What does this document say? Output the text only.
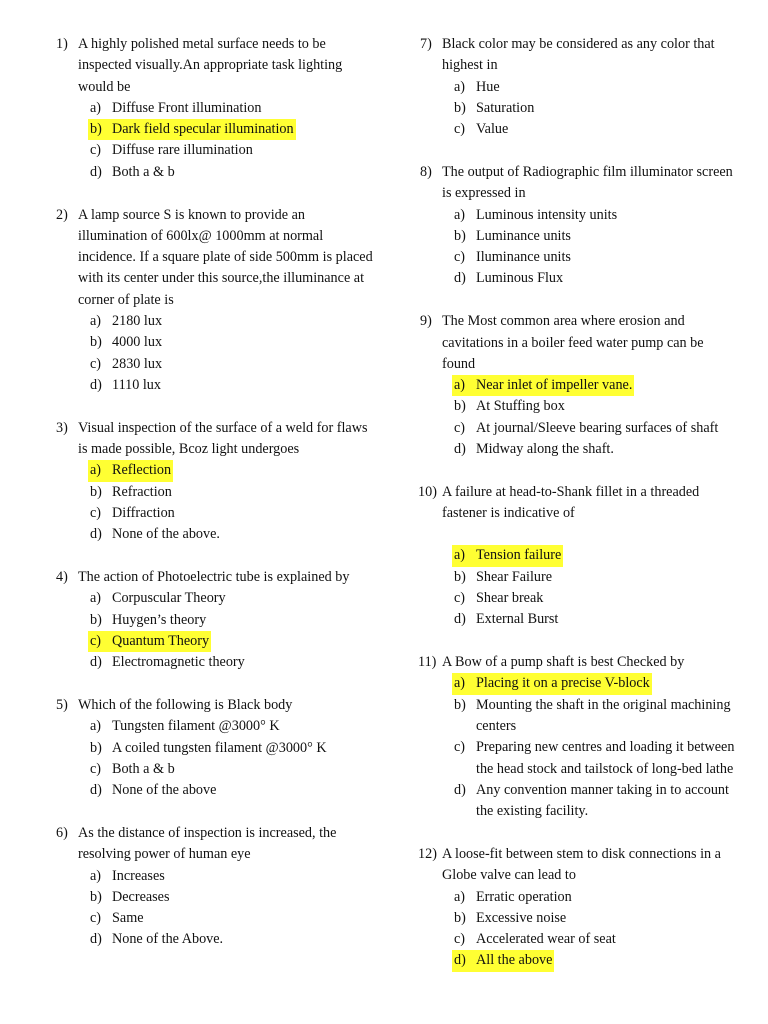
1) A highly polished metal surface needs to be inspected visually.An appropriate task lighting would be
a) Diffuse Front illumination
b) Dark field specular illumination
c) Diffuse rare illumination
d) Both a & b
2) A lamp source S is known to provide an illumination of 600lx@ 1000mm at normal incidence. If a square plate of side 500mm is placed with its center under this source,the illuminance at corner of plate is
a) 2180 lux
b) 4000 lux
c) 2830 lux
d) 1110 lux
3) Visual inspection of the surface of a weld for flaws is made possible, Bcoz light undergoes
a) Reflection
b) Refraction
c) Diffraction
d) None of the above.
4) The action of Photoelectric tube is explained by
a) Corpuscular Theory
b) Huygen’s theory
c) Quantum Theory
d) Electromagnetic theory
5) Which of the following is Black body
a) Tungsten filament @3000° K
b) A coiled tungsten filament @3000° K
c) Both a & b
d) None of the above
6) As the distance of inspection is increased, the resolving power of human eye
a) Increases
b) Decreases
c) Same
d) None of the Above.
7) Black color may be considered as any color that highest in
a) Hue
b) Saturation
c) Value
8) The output of Radiographic film illuminator screen is expressed in
a) Luminous intensity units
b) Luminance units
c) Iluminance units
d) Luminous Flux
9) The Most common area where erosion and cavitations in a boiler feed water pump can be found
a) Near inlet of impeller vane.
b) At Stuffing box
c) At journal/Sleeve bearing surfaces of shaft
d) Midway along the shaft.
10) A failure at head-to-Shank fillet in a threaded fastener is indicative of
a) Tension failure
b) Shear Failure
c) Shear break
d) External Burst
11) A Bow of a pump shaft is best Checked by
a) Placing it on a precise V-block
b) Mounting the shaft in the original machining centers
c) Preparing new centres and loading it between the head stock and tailstock of long-bed lathe
d) Any convention manner taking in to account the existing facility.
12) A loose-fit between stem to disk connections in a Globe valve can lead to
a) Erratic operation
b) Excessive noise
c) Accelerated wear of seat
d) All the above
